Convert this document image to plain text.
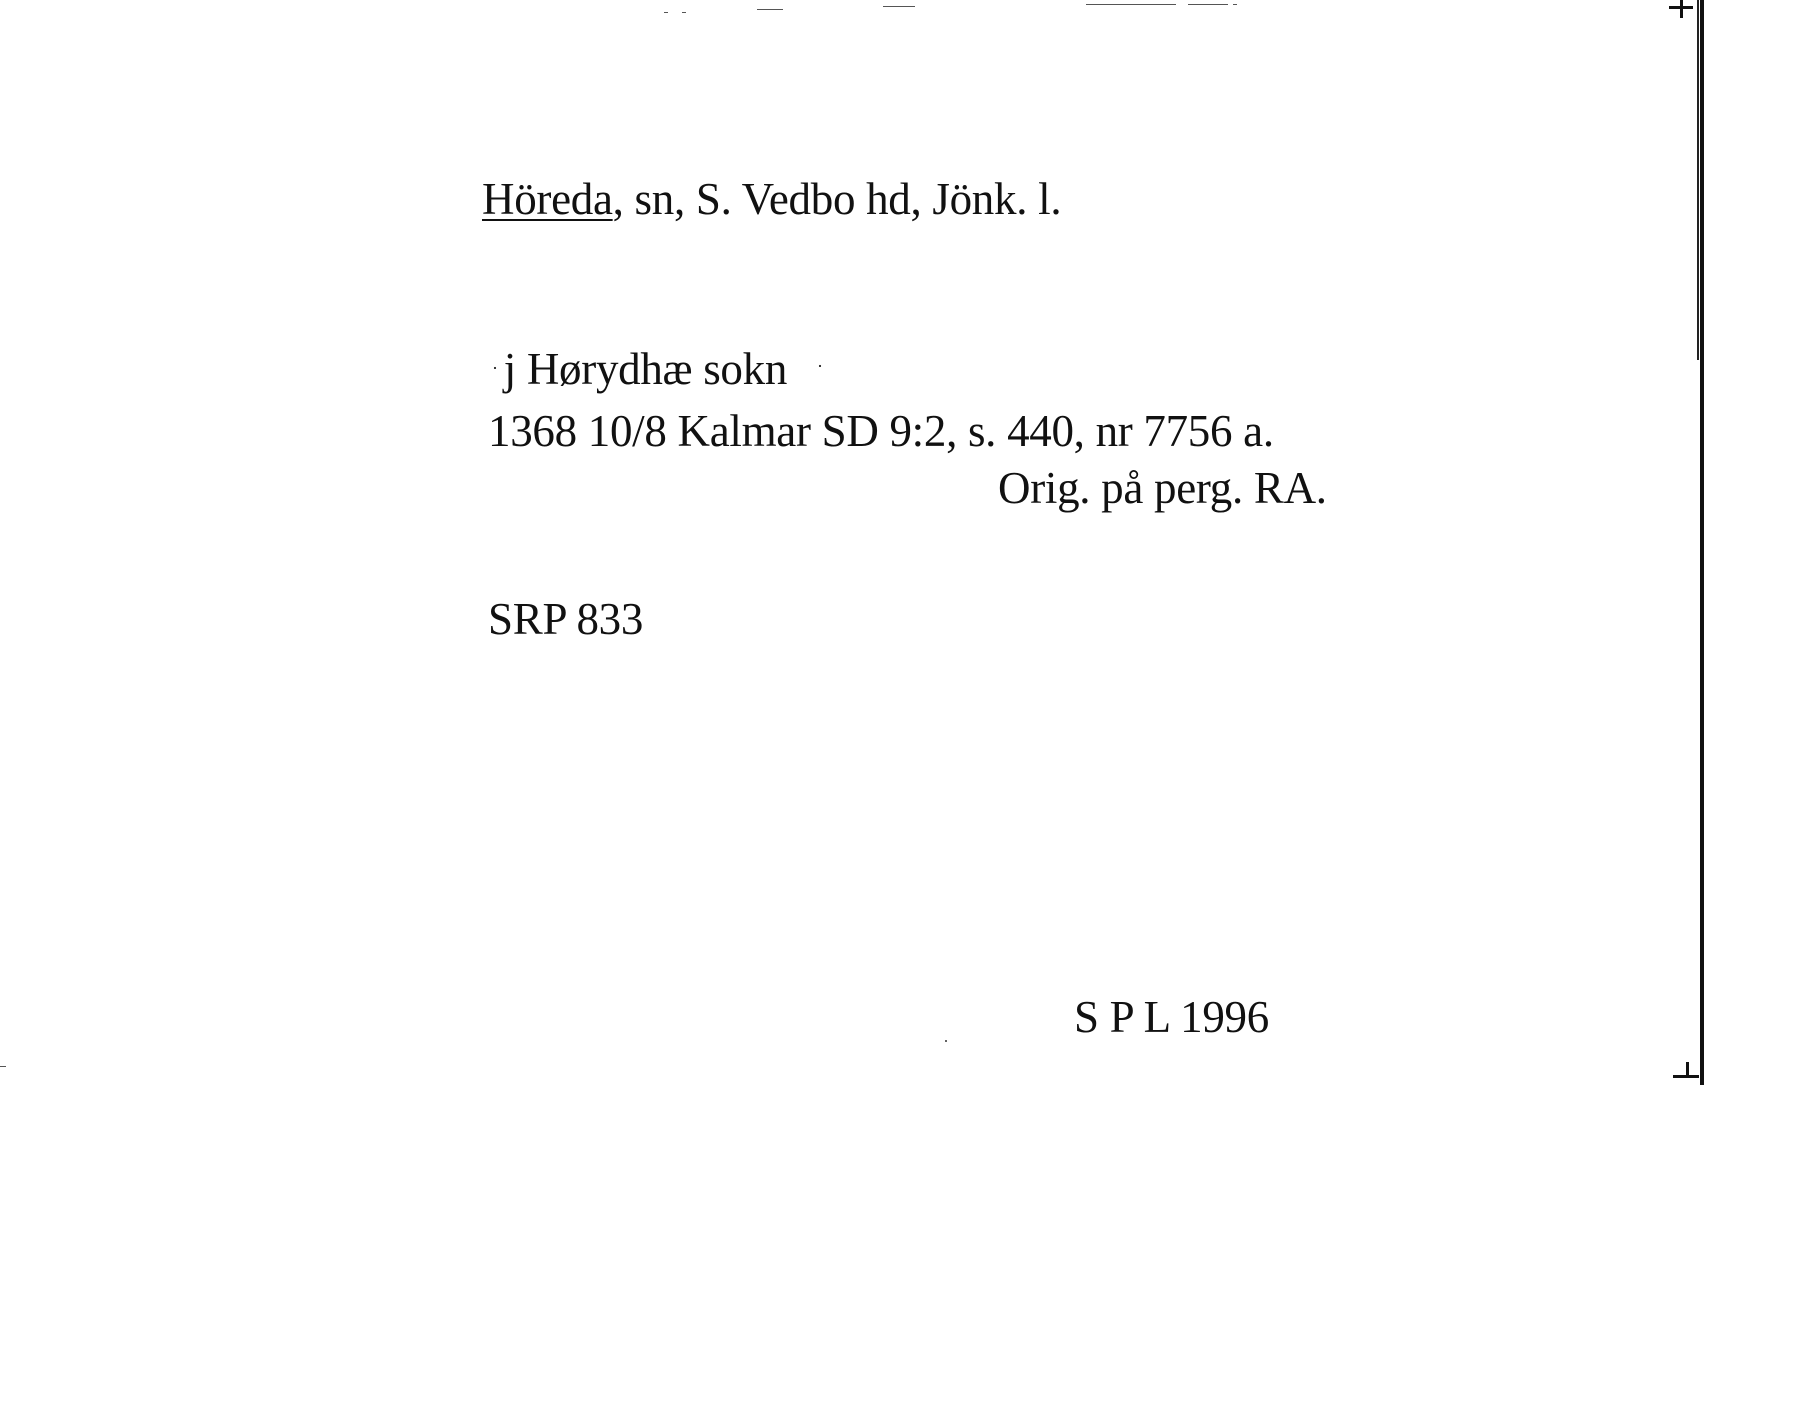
Höreda, sn, S. Vedbo hd, Jönk. l.
· j Hørydhæ sokn ·
1368 10/8 Kalmar SD 9:2, s. 440, nr 7756 a.
Orig. på perg. RA.
SRP 833
S P L 1996
